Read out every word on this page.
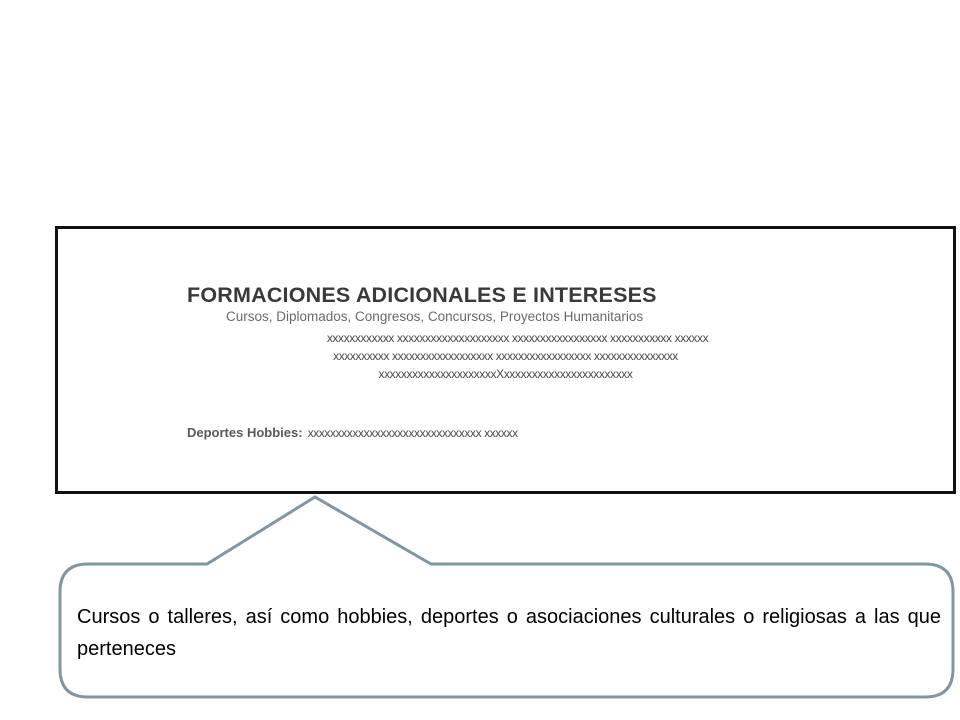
FORMACIONES ADICIONALES E INTERESES

Cursos, Diplomados, Congresos, Concursos, Proyectos Humanitarios

xxxxxxxxxxxx xxxxxxxxxxxxxxxxxxxx xxxxxxxxxxxxxxxxx xxxxxxxxxxx xxxxxx

xxxxxxxxxx xxxxxxxxxxxxxxxxxx xxxxxxxxxxxxxxxxx xxxxxxxxxxxxxxx

xxxxxxxxxxxxxxxxxxxxxXxxxxxxxxxxxxxxxxxxxxxxx

Deportes Hobbies: xxxxxxxxxxxxxxxxxxxxxxxxxxxxxxx xxxxxx

Cursos o talleres, así como hobbies, deportes o asociaciones culturales o religiosas a las que perteneces
